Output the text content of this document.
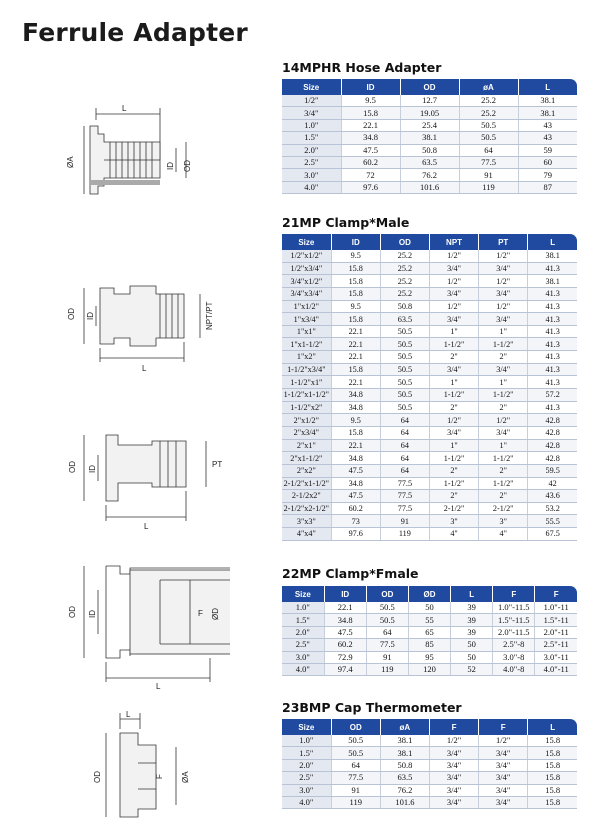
Ferrule Adapter
14MPHR Hose Adapter
Size	ID	OD	øA	L
1/2"	9.5	12.7	25.2	38.1
3/4"	15.8	19.05	25.2	38.1
1.0"	22.1	25.4	50.5	43
1.5"	34.8	38.1	50.5	43
2.0"	47.5	50.8	64	59
2.5"	60.2	63.5	77.5	60
3.0"	72	76.2	91	79
4.0"	97.6	101.6	119	87
21MP Clamp*Male
Size	ID	OD	NPT	PT	L
1/2"x1/2"	9.5	25.2	1/2"	1/2"	38.1
1/2"x3/4"	15.8	25.2	3/4"	3/4"	41.3
3/4"x1/2"	15.8	25.2	1/2"	1/2"	38.1
3/4"x3/4"	15.8	25.2	3/4"	3/4"	41.3
1"x1/2"	9.5	50.8	1/2"	1/2"	41.3
1"x3/4"	15.8	63.5	3/4"	3/4"	41.3
1"x1"	22.1	50.5	1"	1"	41.3
1"x1-1/2"	22.1	50.5	1-1/2"	1-1/2"	41.3
1"x2"	22.1	50.5	2"	2"	41.3
1-1/2"x3/4"	15.8	50.5	3/4"	3/4"	41.3
1-1/2"x1"	22.1	50.5	1"	1"	41.3
1-1/2"x1-1/2"	34.8	50.5	1-1/2"	1-1/2"	57.2
1-1/2"x2"	34.8	50.5	2"	2"	41.3
2"x1/2"	9.5	64	1/2"	1/2"	42.8
2"x3/4"	15.8	64	3/4"	3/4"	42.8
2"x1"	22.1	64	1"	1"	42.8
2"x1-1/2"	34.8	64	1-1/2"	1-1/2"	42.8
2"x2"	47.5	64	2"	2"	59.5
2-1/2"x1-1/2"	34.8	77.5	1-1/2"	1-1/2"	42
2-1/2x2"	47.5	77.5	2"	2"	43.6
2-1/2"x2-1/2"	60.2	77.5	2-1/2"	2-1/2"	53.2
3"x3"	73	91	3"	3"	55.5
4"x4"	97.6	119	4"	4"	67.5
22MP Clamp*Fmale
Size	ID	OD	ØD	L	F	F
1.0"	22.1	50.5	50	39	1.0"-11.5	1.0"-11
1.5"	34.8	50.5	55	39	1.5"-11.5	1.5"-11
2.0"	47.5	64	65	39	2.0"-11.5	2.0"-11
2.5"	60.2	77.5	85	50	2.5"-8	2.5"-11
3.0"	72.9	91	95	50	3.0"-8	3.0"-11
4.0"	97.4	119	120	52	4.0"-8	4.0"-11
23BMP Cap Thermometer
Size	OD	øA	F	F	L
1.0"	50.5	38.1	1/2"	1/2"	15.8
1.5"	50.5	38.1	3/4"	3/4"	15.8
2.0"	64	50.8	3/4"	3/4"	15.8
2.5"	77.5	63.5	3/4"	3/4"	15.8
3.0"	91	76.2	3/4"	3/4"	15.8
4.0"	119	101.6	3/4"	3/4"	15.8
L
ØA	ID OD
OD ID	NPT/PT
L
OD ID	PT
L
OD ID	F ØD
L
L
OD	F ØA
